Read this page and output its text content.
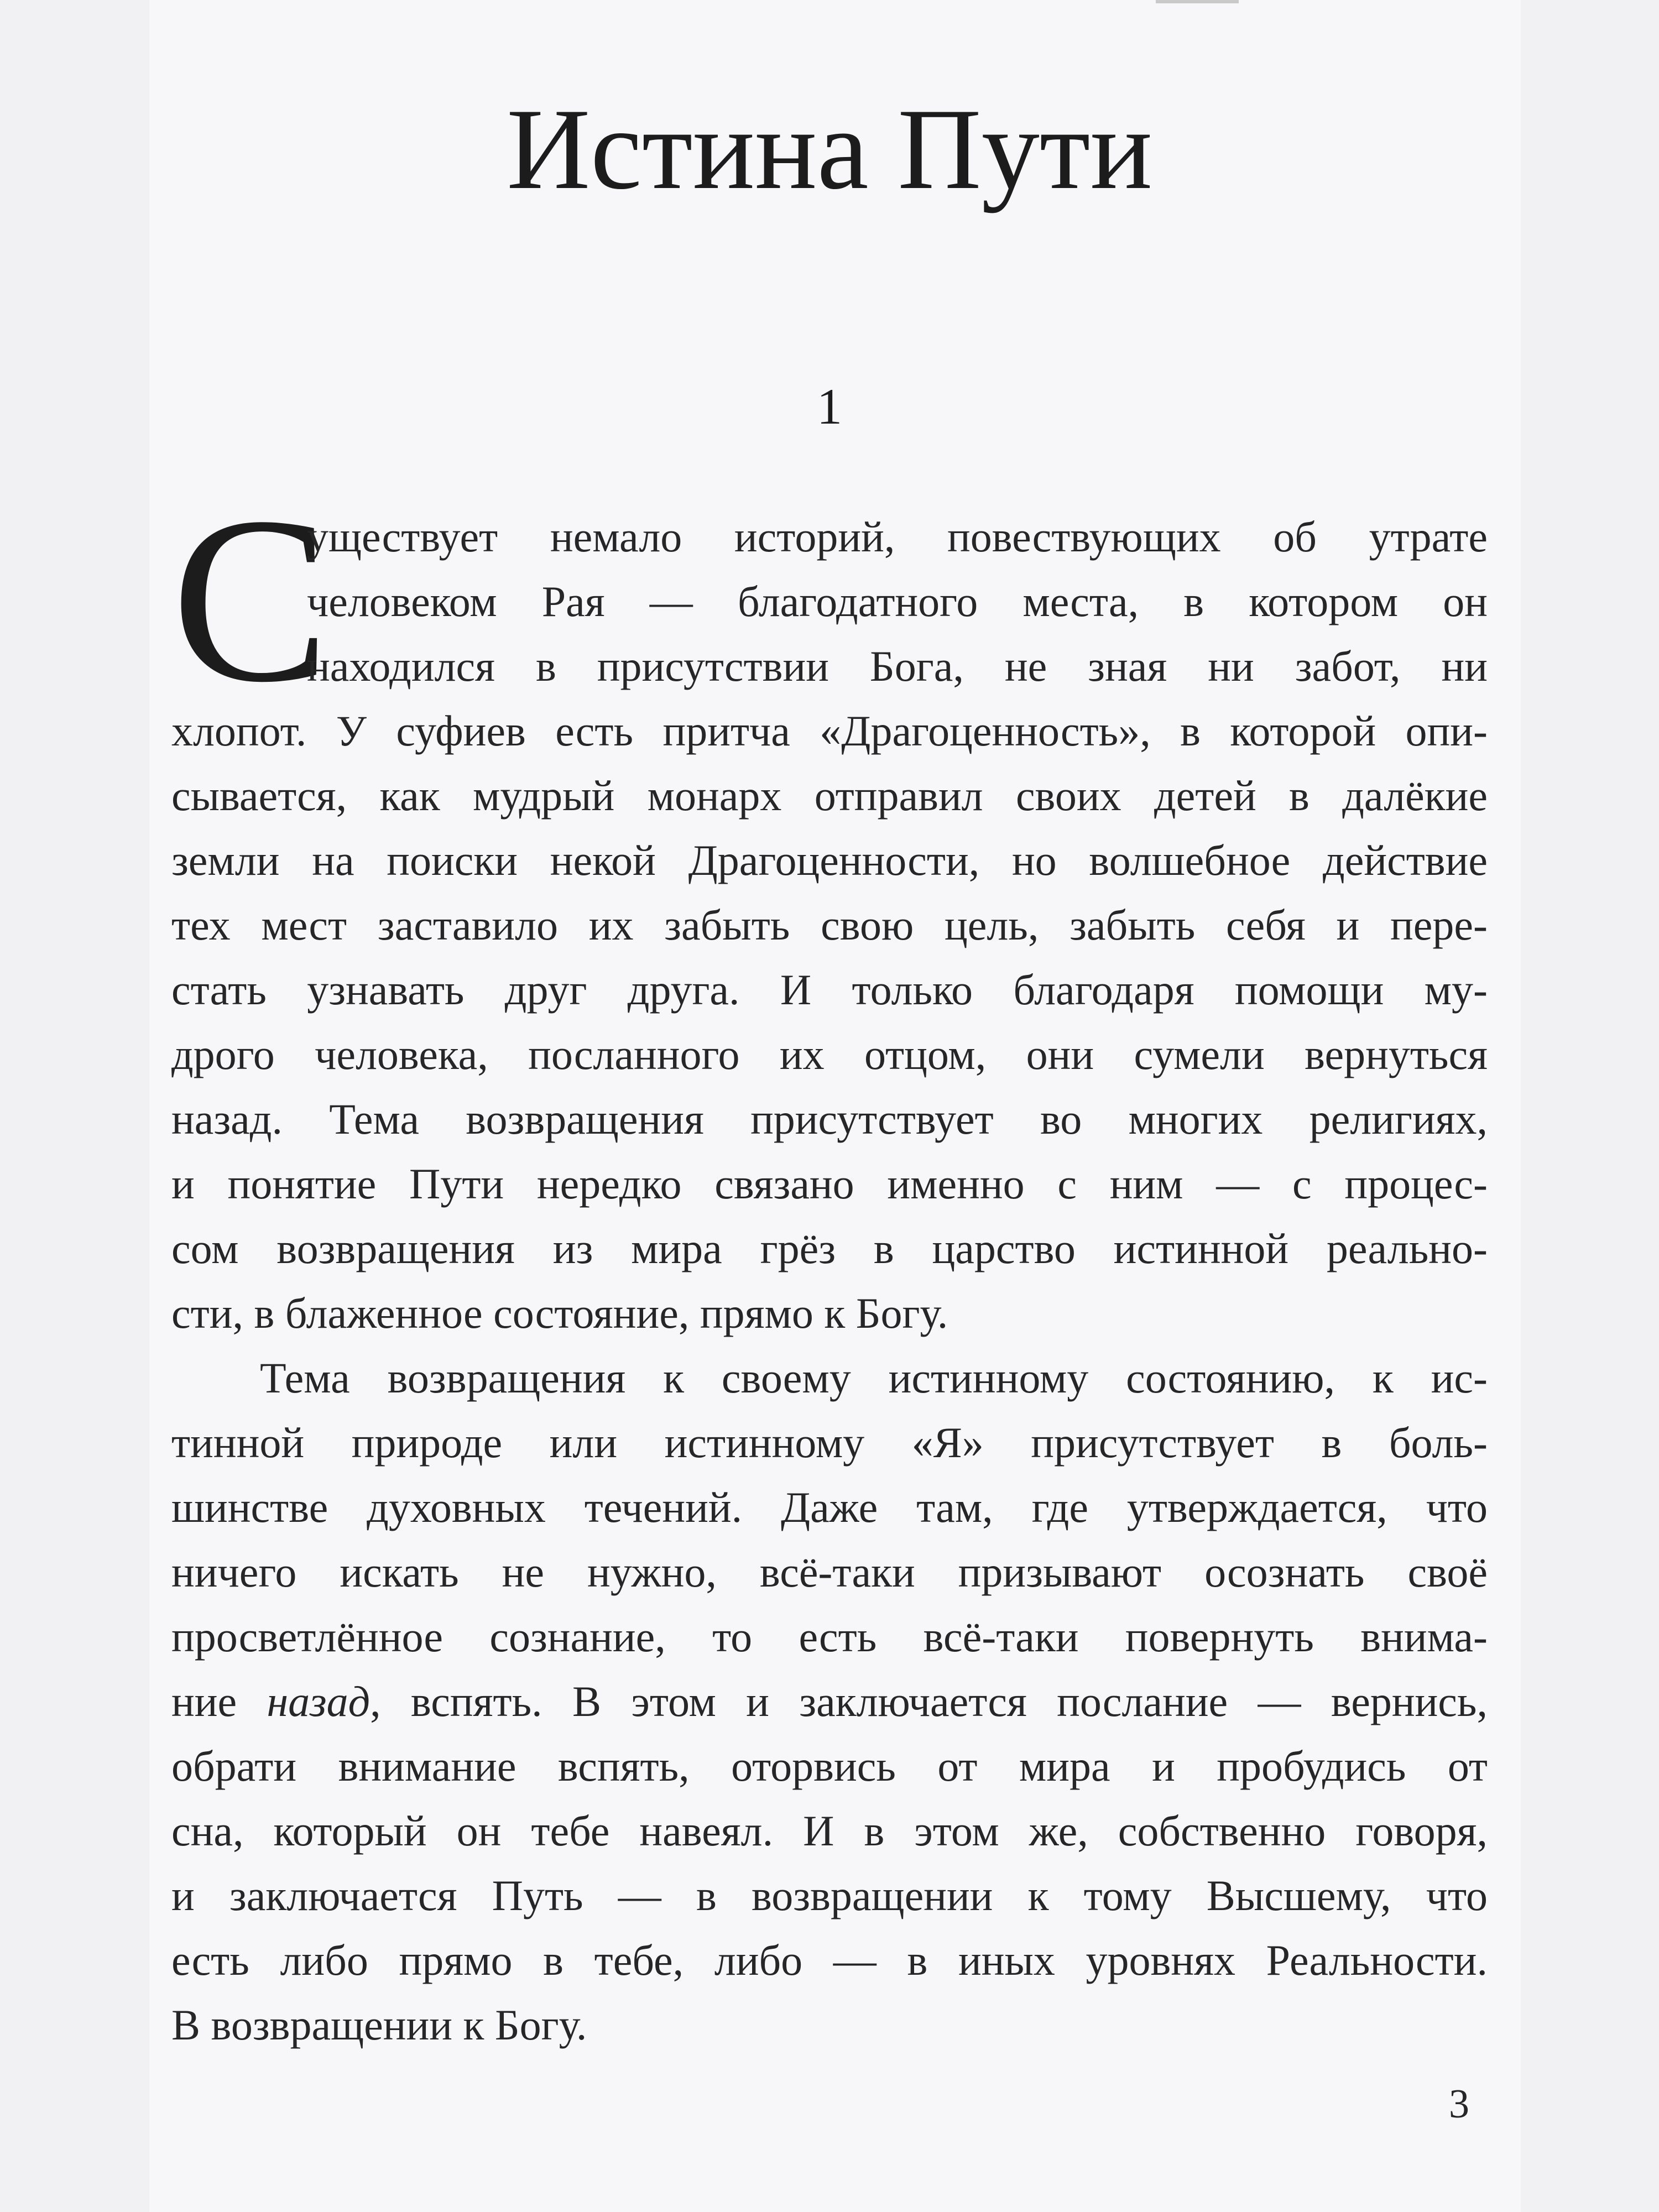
Истина Пути
1
С
уществует немало историй, повествующих об утрате
человеком Рая — благодатного места, в котором он
находился в присутствии Бога, не зная ни забот, ни
хлопот. У суфиев есть притча «Драгоценность», в которой опи-
сывается, как мудрый монарх отправил своих детей в далёкие
земли на поиски некой Драгоценности, но волшебное действие
тех мест заставило их забыть свою цель, забыть себя и пере-
стать узнавать друг друга. И только благодаря помощи му-
дрого человека, посланного их отцом, они сумели вернуться
назад. Тема возвращения присутствует во многих религиях,
и понятие Пути нередко связано именно с ним — с процес-
сом возвращения из мира грёз в царство истинной реально-
сти, в блаженное состояние, прямо к Богу.
Тема возвращения к своему истинному состоянию, к ис-
тинной природе или истинному «Я» присутствует в боль-
шинстве духовных течений. Даже там, где утверждается, что
ничего искать не нужно, всё-таки призывают осознать своё
просветлённое сознание, то есть всё-таки повернуть внима-
ние назад, вспять. В этом и заключается послание — вернись,
обрати внимание вспять, оторвись от мира и пробудись от
сна, который он тебе навеял. И в этом же, собственно говоря,
и заключается Путь — в возвращении к тому Высшему, что
есть либо прямо в тебе, либо — в иных уровнях Реальности.
В возвращении к Богу.
3
